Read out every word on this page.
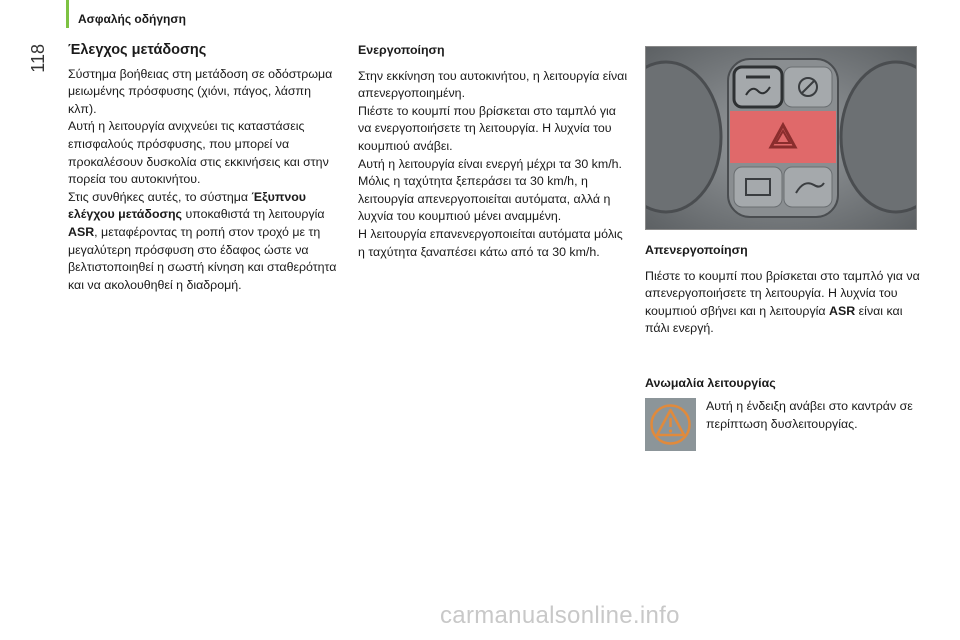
Ασφαλής οδήγηση
118 Έλεγχος μετάδοσης

Σύστημα βοήθειας στη μετάδοση σε οδόστρωμα μειωμένης πρόσφυσης (χιόνι, πάγος, λάσπη κλπ).

Αυτή η λειτουργία ανιχνεύει τις καταστάσεις επισφαλούς πρόσφυσης, που μπορεί να προκαλέσουν δυσκολία στις εκκινήσεις και στην πορεία του αυτοκινήτου.

Στις συνθήκες αυτές, το σύστημα Έξυπνου ελέγχου μετάδοσης υποκαθιστά τη λειτουργία ASR, μεταφέροντας τη ροπή στον τροχό με τη μεγαλύτερη πρόσφυση στο έδαφος ώστε να βελτιστοποιηθεί η σωστή κίνηση και σταθερότητα και να ακολουθηθεί η διαδρομή.

Ενεργοποίηση

Στην εκκίνηση του αυτοκινήτου, η λειτουργία είναι απενεργοποιημένη.

Πιέστε το κουμπί που βρίσκεται στο ταμπλό για να ενεργοποιήσετε τη λειτουργία. Η λυχνία του κουμπιού ανάβει.

Αυτή η λειτουργία είναι ενεργή μέχρι τα 30 km/h.

Μόλις η ταχύτητα ξεπεράσει τα 30 km/h, η λειτουργία απενεργοποιείται αυτόματα, αλλά η λυχνία του κουμπιού μένει αναμμένη.

Η λειτουργία επανενεργοποιείται αυτόματα μόλις η ταχύτητα ξαναπέσει κάτω από τα 30 km/h.	Απενεργοποίηση

Πιέστε το κουμπί που βρίσκεται στο ταμπλό για να απενεργοποιήσετε τη λειτουργία. Η λυχνία του κουμπιού σβήνει και η λειτουργία ASR είναι και πάλι ενεργή.

Ανωμαλία λειτουργίας

Αυτή η ένδειξη ανάβει στο καντράν σε περίπτωση δυσλειτουργίας.

carmanualsonline.info
